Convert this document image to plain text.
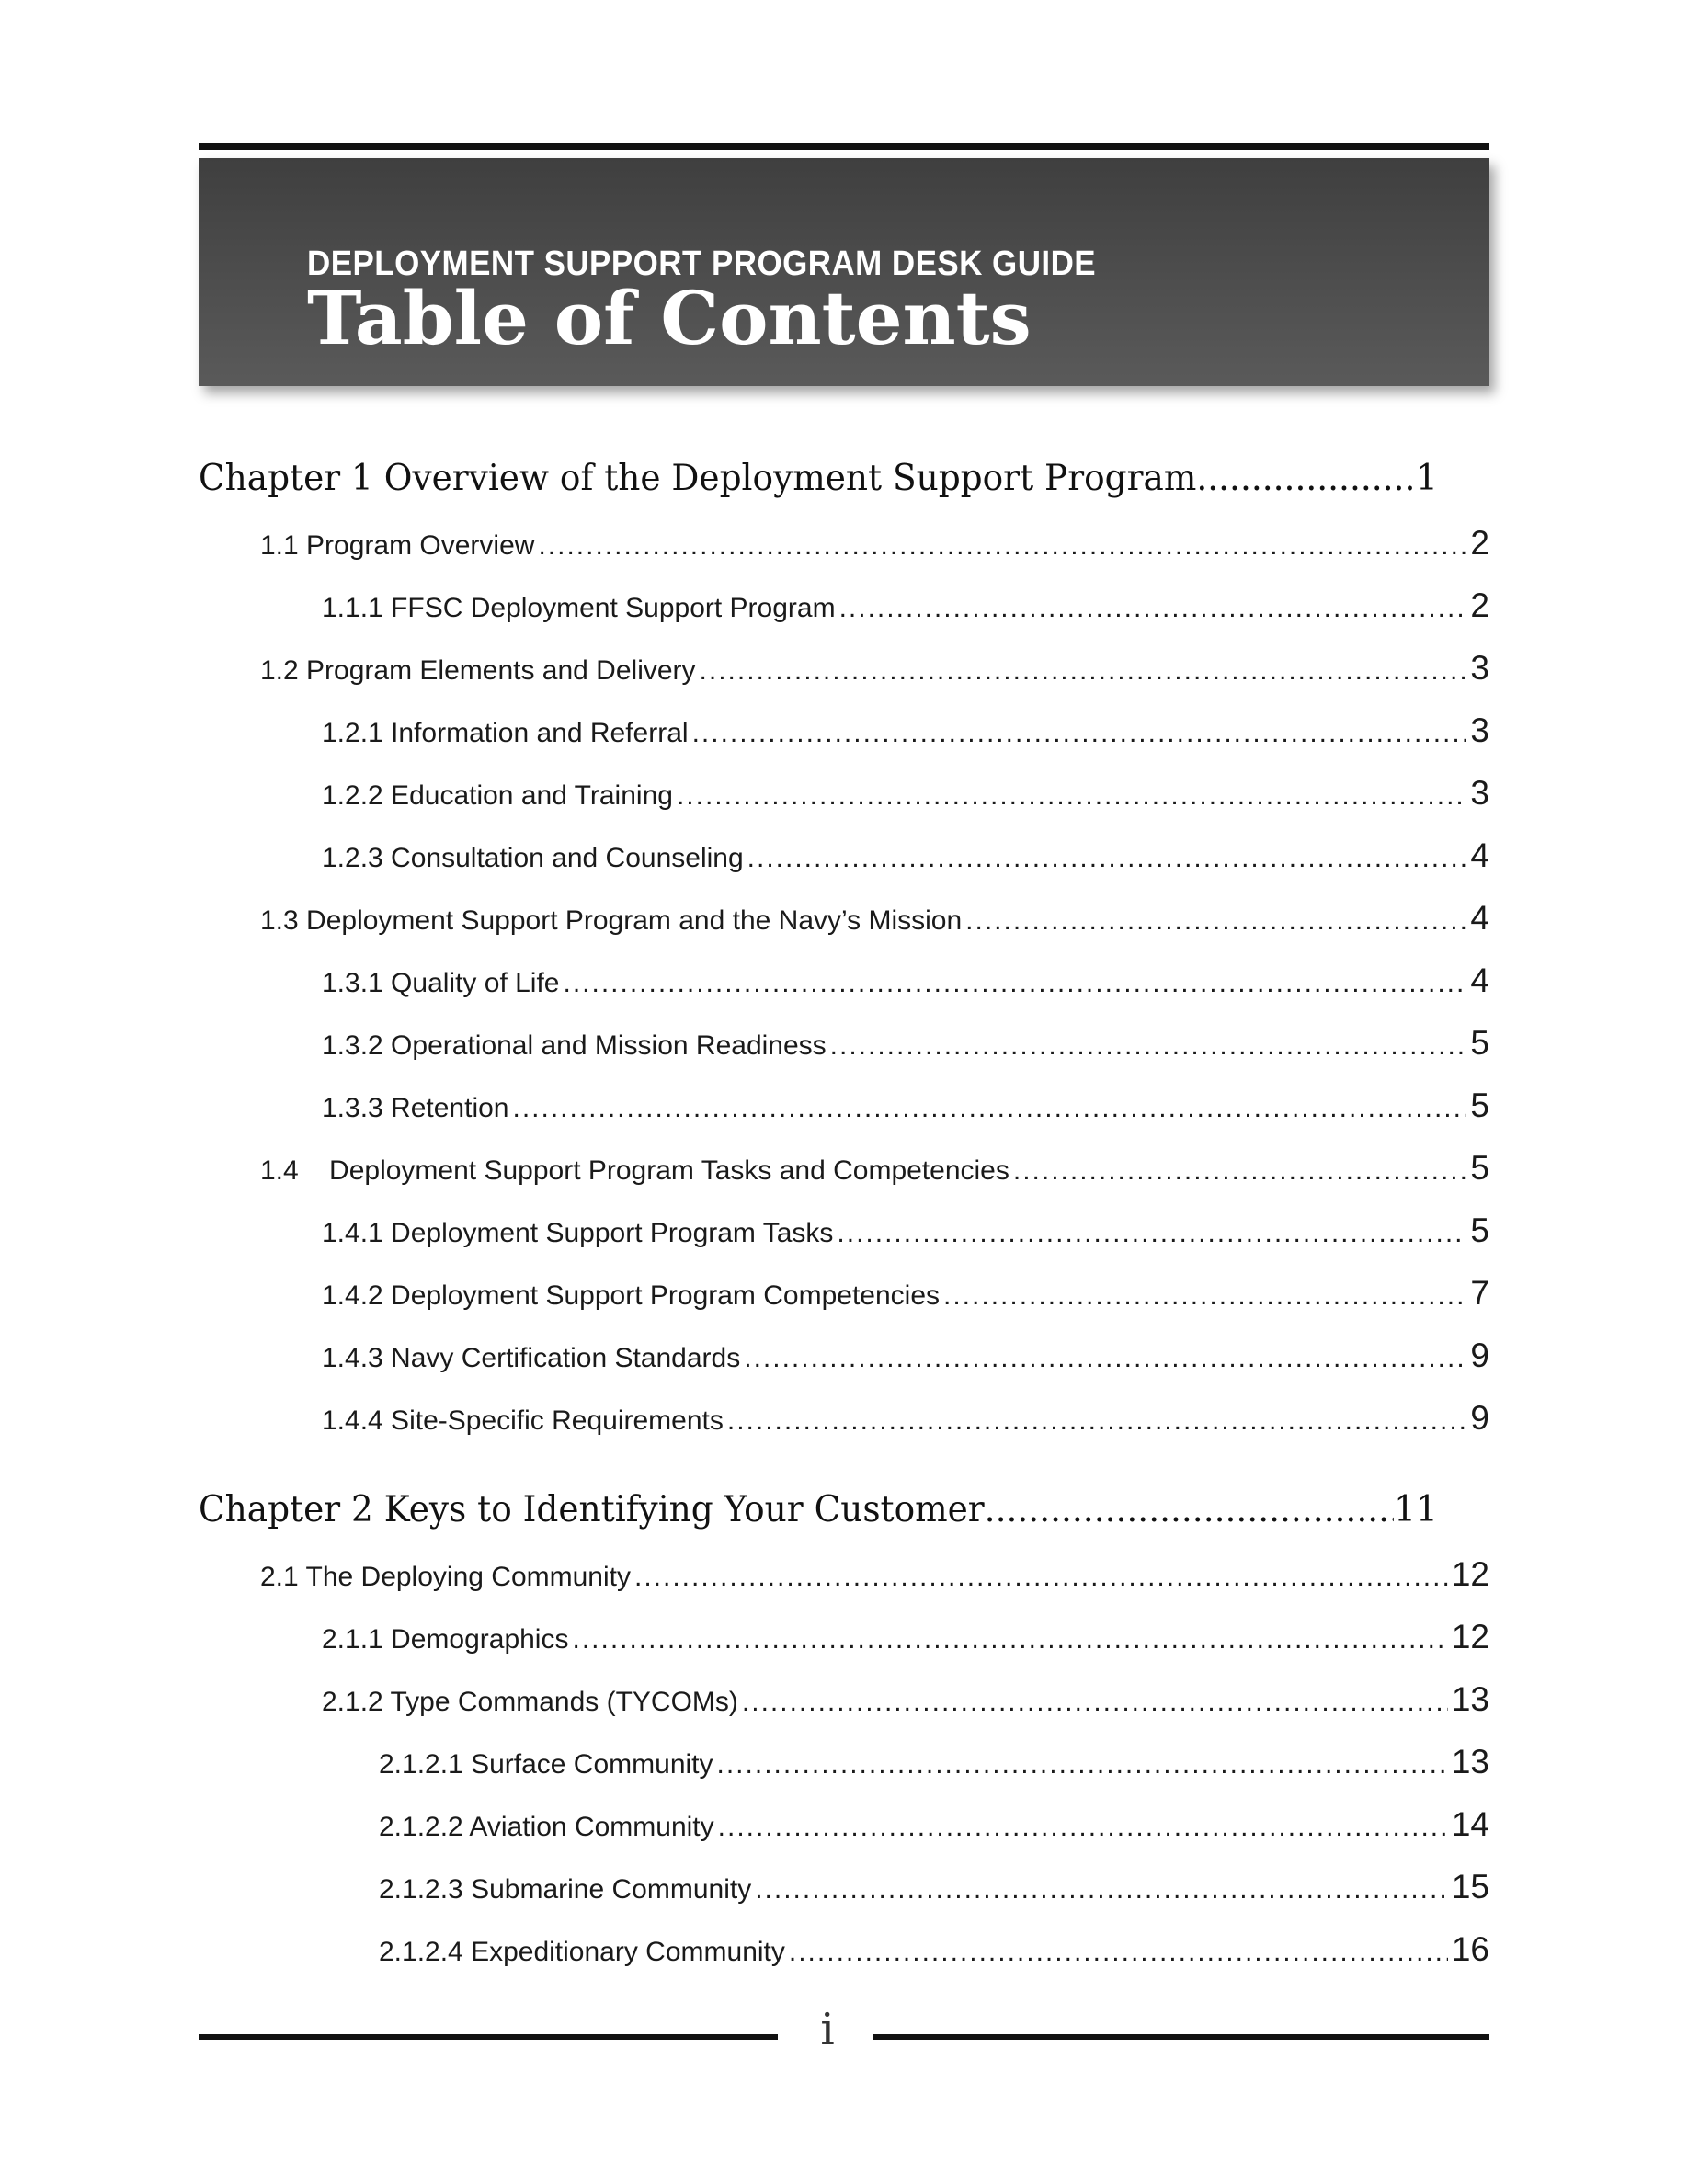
DEPLOYMENT SUPPORT PROGRAM DESK GUIDE
Table of Contents
Chapter 1 Overview of the Deployment Support Program .....	1
1.1 Program Overview .....	2
1.1.1 FFSC Deployment Support Program .....	2
1.2 Program Elements and Delivery .....	3
1.2.1 Information and Referral .....	3
1.2.2 Education and Training .....	3
1.2.3 Consultation and Counseling .....	4
1.3 Deployment Support Program and the Navy’s Mission .....	4
1.3.1 Quality of Life .....	4
1.3.2 Operational and Mission Readiness .....	5
1.3.3 Retention .....	5
1.4    Deployment Support Program Tasks and Competencies .....	5
1.4.1 Deployment Support Program Tasks .....	5
1.4.2 Deployment Support Program Competencies .....	7
1.4.3 Navy Certification Standards .....	9
1.4.4 Site-Specific Requirements .....	9
Chapter 2 Keys to Identifying Your Customer .....	11
2.1 The Deploying Community .....	12
2.1.1 Demographics .....	12
2.1.2 Type Commands (TYCOMs) .....	13
2.1.2.1 Surface Community .....	13
2.1.2.2 Aviation Community .....	14
2.1.2.3 Submarine Community .....	15
2.1.2.4 Expeditionary Community .....	16
i
